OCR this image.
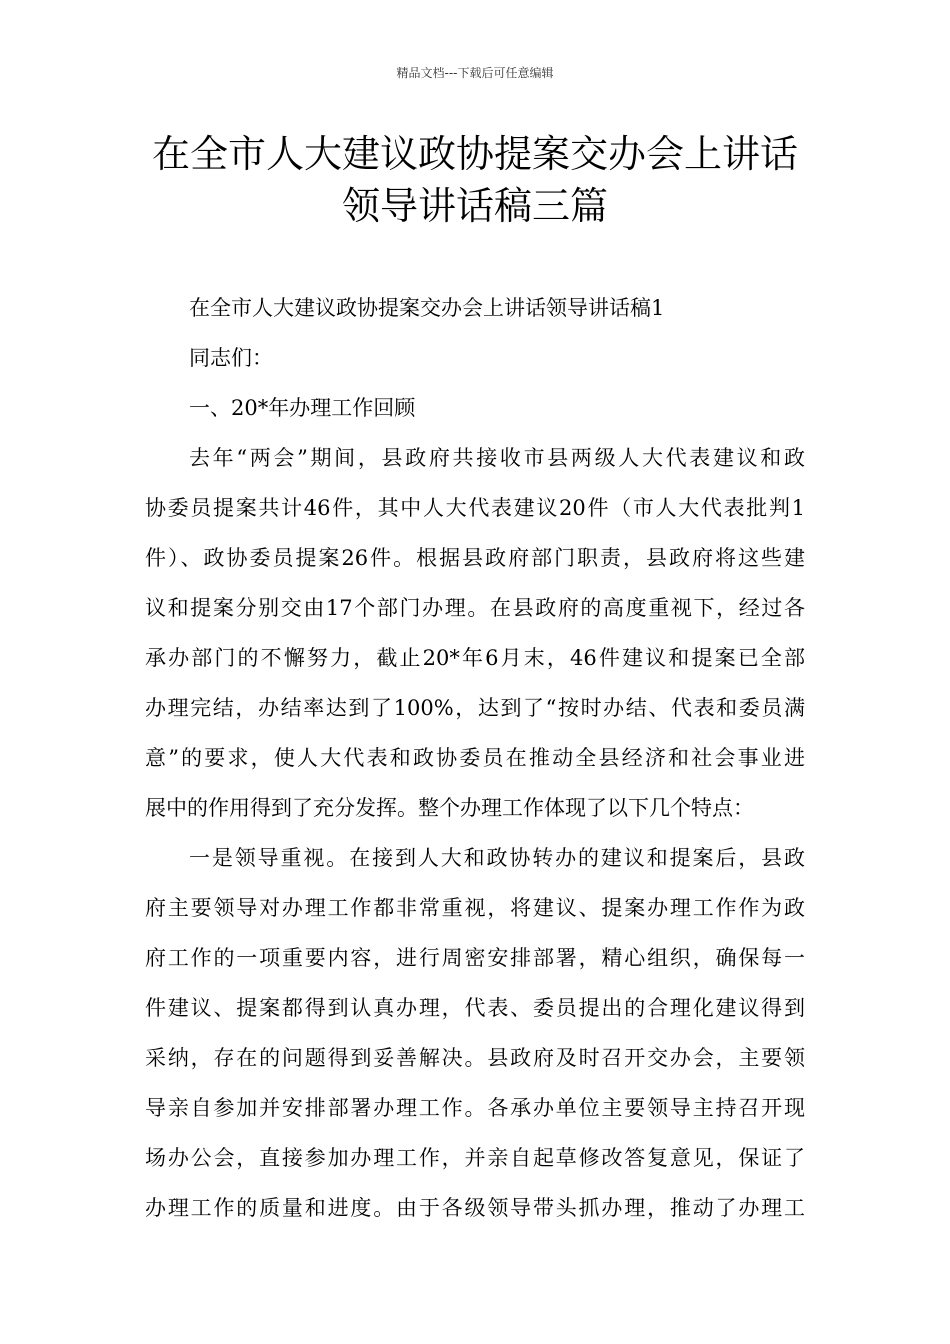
精品文档---下载后可任意编辑
在全市人大建议政协提案交办会上讲话
领导讲话稿三篇
在全市人大建议政协提案交办会上讲话领导讲话稿1
同志们：
一、20*年办理工作回顾
去年“两会”期间，县政府共接收市县两级人大代表建议和政
协委员提案共计46件，其中人大代表建议20件（市人大代表批判1
件）、政协委员提案26件。根据县政府部门职责，县政府将这些建
议和提案分别交由17个部门办理。在县政府的高度重视下，经过各
承办部门的不懈努力，截止20*年6月末，46件建议和提案已全部
办理完结，办结率达到了100%，达到了“按时办结、代表和委员满
意”的要求，使人大代表和政协委员在推动全县经济和社会事业进
展中的作用得到了充分发挥。整个办理工作体现了以下几个特点：
一是领导重视。在接到人大和政协转办的建议和提案后，县政
府主要领导对办理工作都非常重视，将建议、提案办理工作作为政
府工作的一项重要内容，进行周密安排部署，精心组织，确保每一
件建议、提案都得到认真办理，代表、委员提出的合理化建议得到
采纳，存在的问题得到妥善解决。县政府及时召开交办会，主要领
导亲自参加并安排部署办理工作。各承办单位主要领导主持召开现
场办公会，直接参加办理工作，并亲自起草修改答复意见，保证了
办理工作的质量和进度。由于各级领导带头抓办理，推动了办理工
